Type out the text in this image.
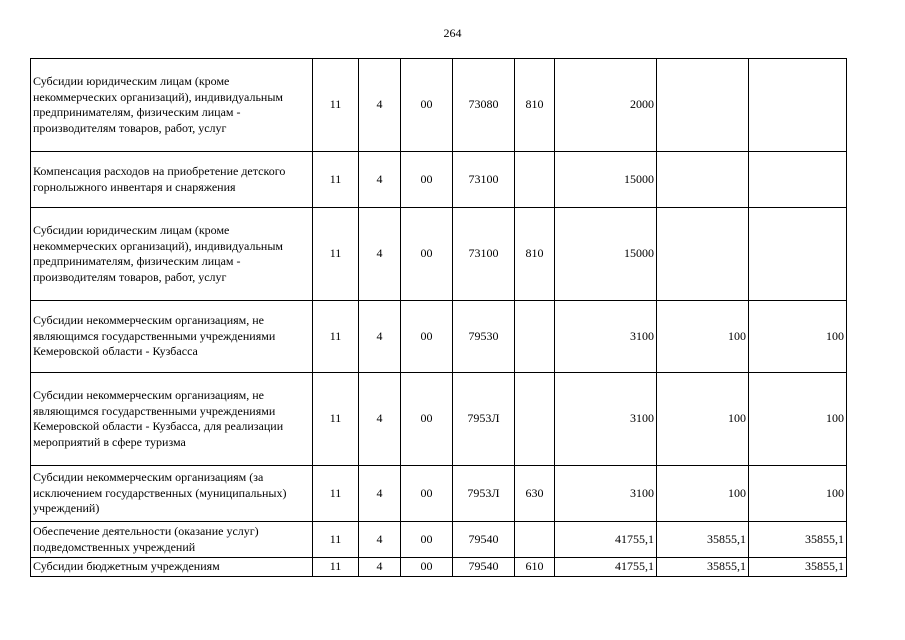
264
Субсидии юридическим лицам (кроме некоммерческих организаций), индивидуальным предпринимателям, физическим лицам - производителям товаров, работ, услуг	11	4	00	73080	810	2000		
Компенсация расходов на приобретение детского горнолыжного инвентаря и снаряжения	11	4	00	73100		15000		
Субсидии юридическим лицам (кроме некоммерческих организаций), индивидуальным предпринимателям, физическим лицам - производителям товаров, работ, услуг	11	4	00	73100	810	15000		
Субсидии некоммерческим организациям, не являющимся государственными учреждениями Кемеровской области - Кузбасса	11	4	00	79530		3100	100	100
Субсидии некоммерческим организациям, не являющимся государственными учреждениями Кемеровской области - Кузбасса, для реализации мероприятий в сфере туризма	11	4	00	7953Л		3100	100	100
Субсидии некоммерческим организациям (за исключением государственных (муниципальных) учреждений)	11	4	00	7953Л	630	3100	100	100
Обеспечение деятельности (оказание услуг) подведомственных учреждений	11	4	00	79540		41755,1	35855,1	35855,1
Субсидии бюджетным учреждениям	11	4	00	79540	610	41755,1	35855,1	35855,1
